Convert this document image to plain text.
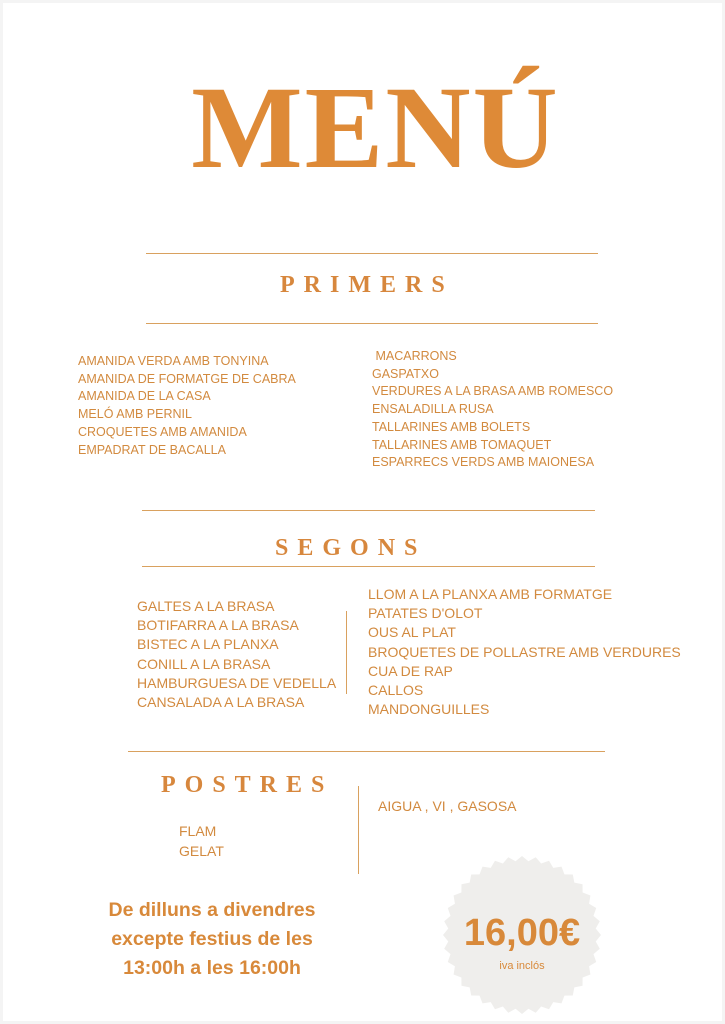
MENÚ
PRIMERS
AMANIDA VERDA AMB TONYINA
AMANIDA DE FORMATGE DE CABRA
AMANIDA DE LA CASA
MELÓ AMB PERNIL
CROQUETES AMB AMANIDA
EMPADRAT DE BACALLA
MACARRONS
GASPATXO
VERDURES A LA BRASA AMB ROMESCO
ENSALADILLA RUSA
TALLARINES AMB BOLETS
TALLARINES AMB TOMAQUET
ESPARRECS VERDS AMB MAIONESA
SEGONS
GALTES A LA BRASA
BOTIFARRA A LA BRASA
BISTEC A LA PLANXA
CONILL A LA BRASA
HAMBURGUESA DE VEDELLA
CANSALADA A LA BRASA
LLOM A LA PLANXA AMB FORMATGE
PATATES D'OLOT
OUS AL PLAT
BROQUETES DE POLLASTRE AMB VERDURES
CUA DE RAP
CALLOS
MANDONGUILLES
POSTRES
FLAM
GELAT
AIGUA , VI , GASOSA
De dilluns a divendres
excepte festius de les
13:00h a les 16:00h
16,00€
iva inclós
